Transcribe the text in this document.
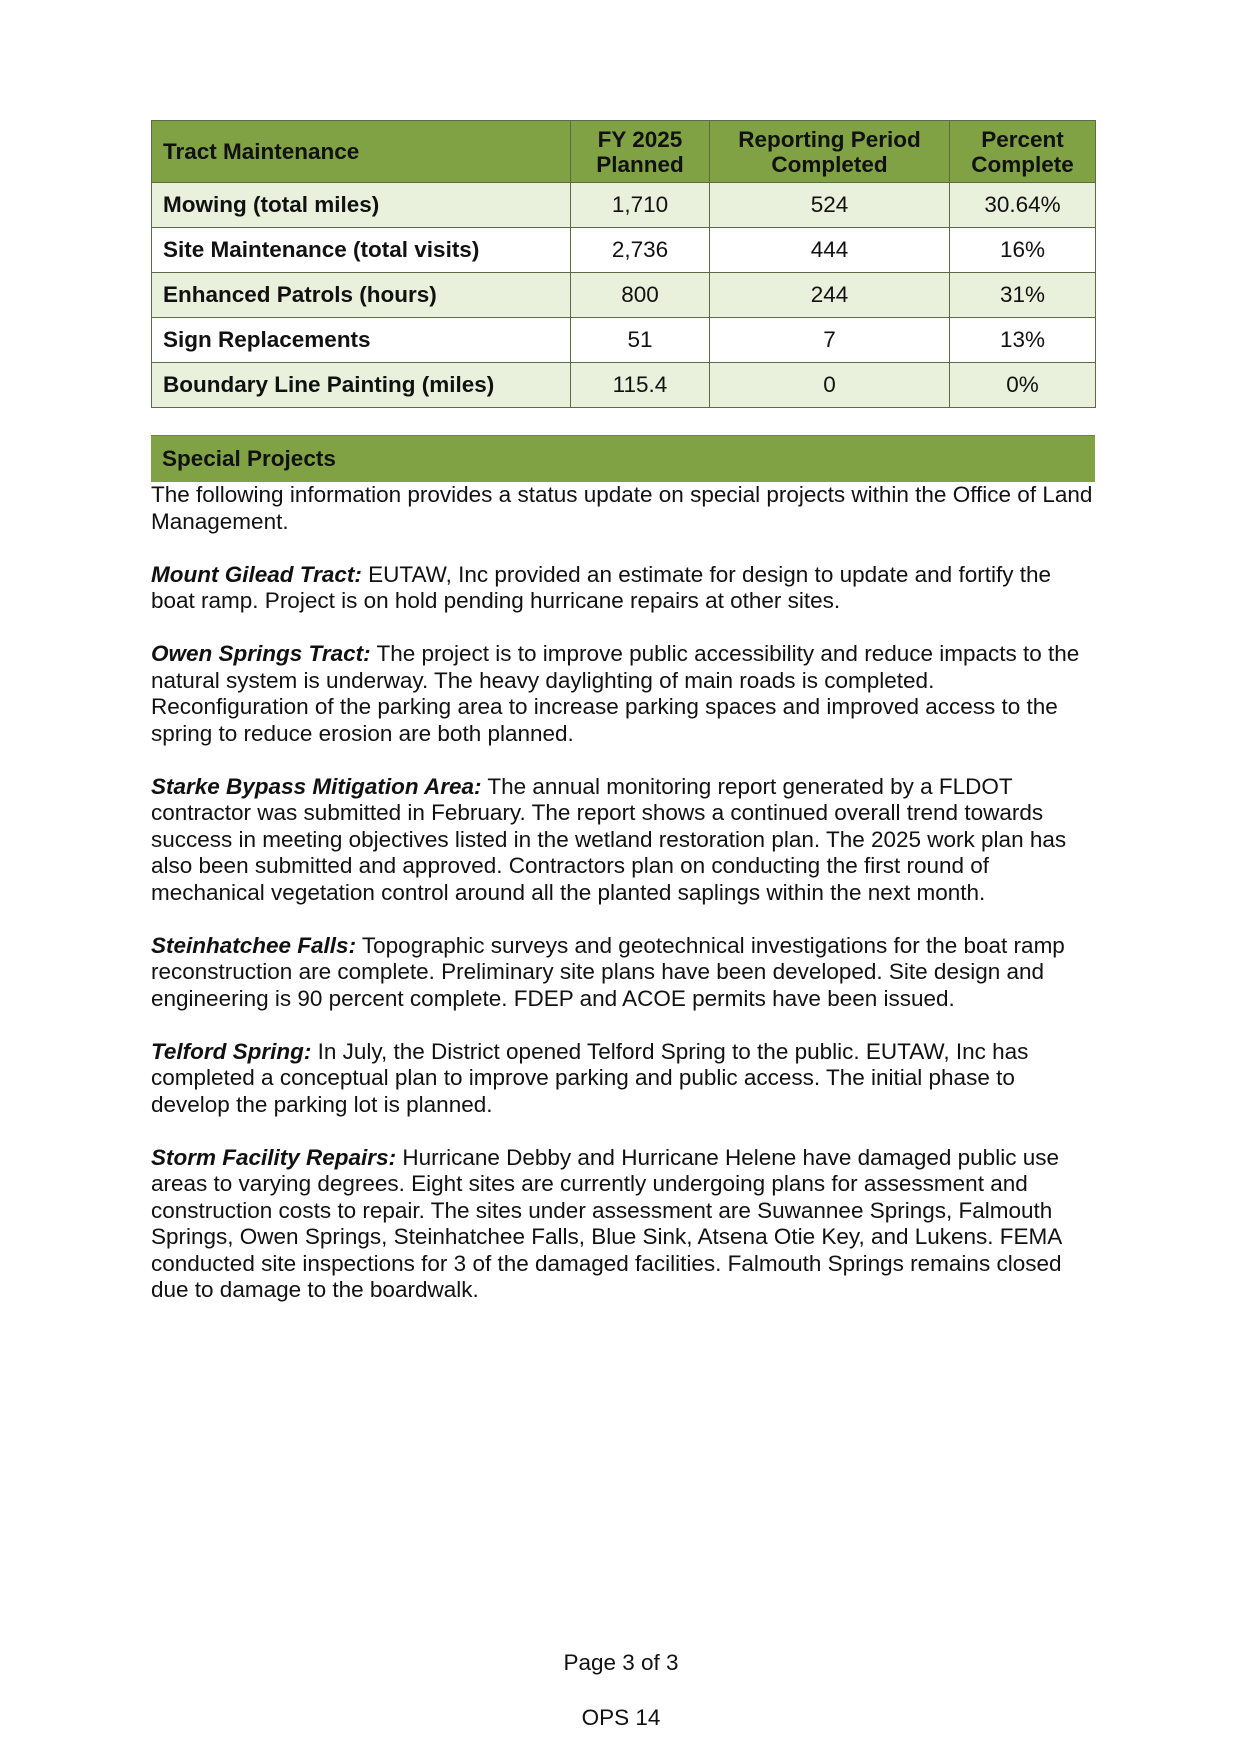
Tract Maintenance	FY 2025 Planned	Reporting Period Completed	Percent Complete
Mowing (total miles)	1,710	524	30.64%
Site Maintenance (total visits)	2,736	444	16%
Enhanced Patrols (hours)	800	244	31%
Sign Replacements	51	7	13%
Boundary Line Painting (miles)	115.4	0	0%
Special Projects

The following information provides a status update on special projects within the Office of Land Management.

Mount Gilead Tract: EUTAW, Inc provided an estimate for design to update and fortify the boat ramp. Project is on hold pending hurricane repairs at other sites.

Owen Springs Tract: The project is to improve public accessibility and reduce impacts to the natural system is underway. The heavy daylighting of main roads is completed. Reconfiguration of the parking area to increase parking spaces and improved access to the spring to reduce erosion are both planned.

Starke Bypass Mitigation Area: The annual monitoring report generated by a FLDOT contractor was submitted in February. The report shows a continued overall trend towards success in meeting objectives listed in the wetland restoration plan. The 2025 work plan has also been submitted and approved. Contractors plan on conducting the first round of mechanical vegetation control around all the planted saplings within the next month.

Steinhatchee Falls: Topographic surveys and geotechnical investigations for the boat ramp reconstruction are complete. Preliminary site plans have been developed. Site design and engineering is 90 percent complete. FDEP and ACOE permits have been issued.

Telford Spring: In July, the District opened Telford Spring to the public. EUTAW, Inc has completed a conceptual plan to improve parking and public access. The initial phase to develop the parking lot is planned.

Storm Facility Repairs: Hurricane Debby and Hurricane Helene have damaged public use areas to varying degrees. Eight sites are currently undergoing plans for assessment and construction costs to repair. The sites under assessment are Suwannee Springs, Falmouth Springs, Owen Springs, Steinhatchee Falls, Blue Sink, Atsena Otie Key, and Lukens. FEMA conducted site inspections for 3 of the damaged facilities. Falmouth Springs remains closed due to damage to the boardwalk.

Page 3 of 3
OPS 14
